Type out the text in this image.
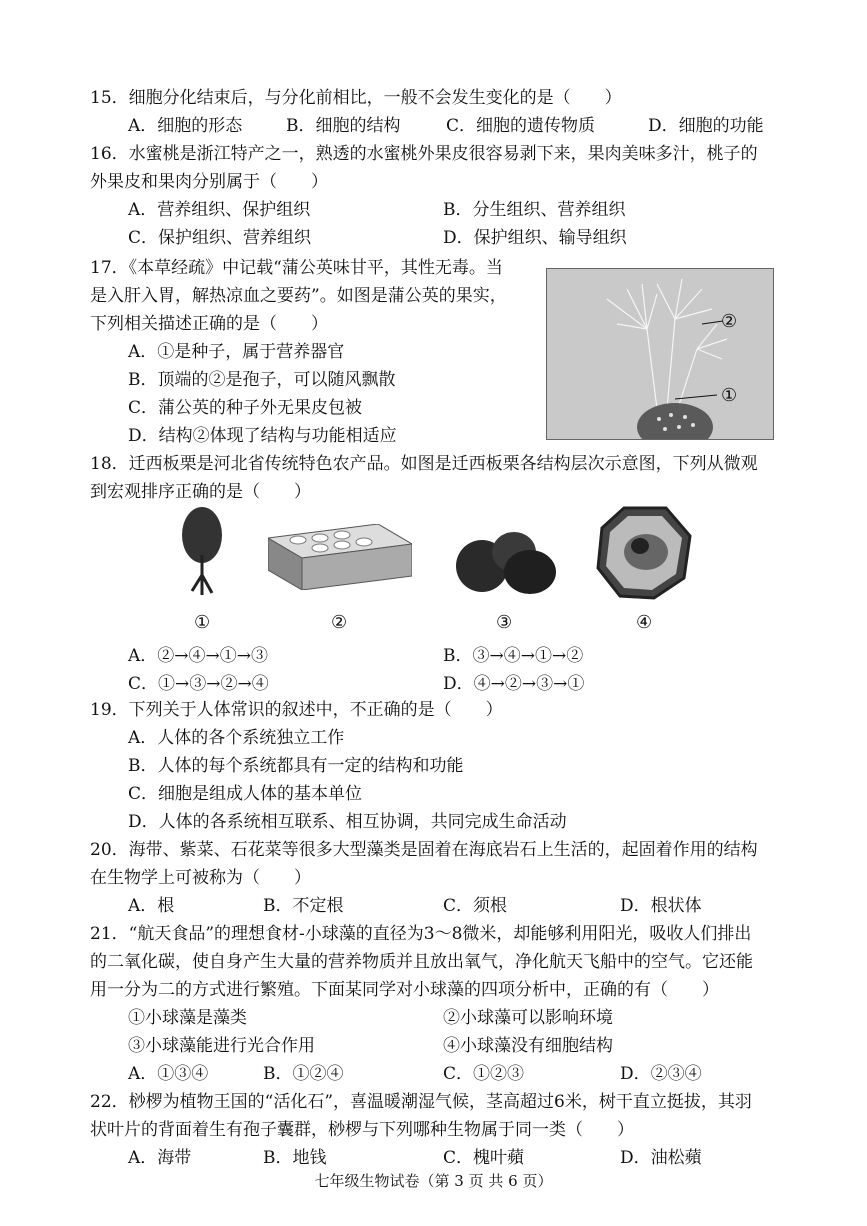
15．细胞分化结束后，与分化前相比，一般不会发生变化的是（　　）
A．细胞的形态	B．细胞的结构	C．细胞的遗传物质	D．细胞的功能
16．水蜜桃是浙江特产之一，熟透的水蜜桃外果皮很容易剥下来，果肉美味多汁，桃子的
外果皮和果肉分别属于（　　）
A．营养组织、保护组织	B．分生组织、营养组织
C．保护组织、营养组织	D．保护组织、输导组织
17．《本草经疏》中记载“蒲公英味甘平，其性无毒。当
是入肝入胃，解热凉血之要药”。如图是蒲公英的果实，
下列相关描述正确的是（　　）
A．①是种子，属于营养器官
B．顶端的②是孢子，可以随风飘散
C．蒲公英的种子外无果皮包被
D．结构②体现了结构与功能相适应
②
①
18．迁西板栗是河北省传统特色农产品。如图是迁西板栗各结构层次示意图，下列从微观
到宏观排序正确的是（　　）
①	②	③	④
A．②→④→①→③	B．③→④→①→②
C．①→③→②→④	D．④→②→③→①
19．下列关于人体常识的叙述中，不正确的是（　　）
A．人体的各个系统独立工作
B．人体的每个系统都具有一定的结构和功能
C．细胞是组成人体的基本单位
D．人体的各系统相互联系、相互协调，共同完成生命活动
20．海带、紫菜、石花菜等很多大型藻类是固着在海底岩石上生活的，起固着作用的结构
在生物学上可被称为（　　）
A．根	B．不定根	C．须根	D．根状体
21．“航天食品”的理想食材-小球藻的直径为3～8微米，却能够利用阳光，吸收人们排出
的二氧化碳，使自身产生大量的营养物质并且放出氧气，净化航天飞船中的空气。它还能
用一分为二的方式进行繁殖。下面某同学对小球藻的四项分析中，正确的有（　　）
①小球藻是藻类	②小球藻可以影响环境
③小球藻能进行光合作用	④小球藻没有细胞结构
A．①③④	B．①②④	C．①②③	D．②③④
22．桫椤为植物王国的“活化石”，喜温暖潮湿气候，茎高超过6米，树干直立挺拔，其羽
状叶片的背面着生有孢子囊群，桫椤与下列哪种生物属于同一类（　　）
A．海带	B．地钱	C．槐叶蘋	D．油松蘋
七年级生物试卷（第 3 页 共 6 页）
